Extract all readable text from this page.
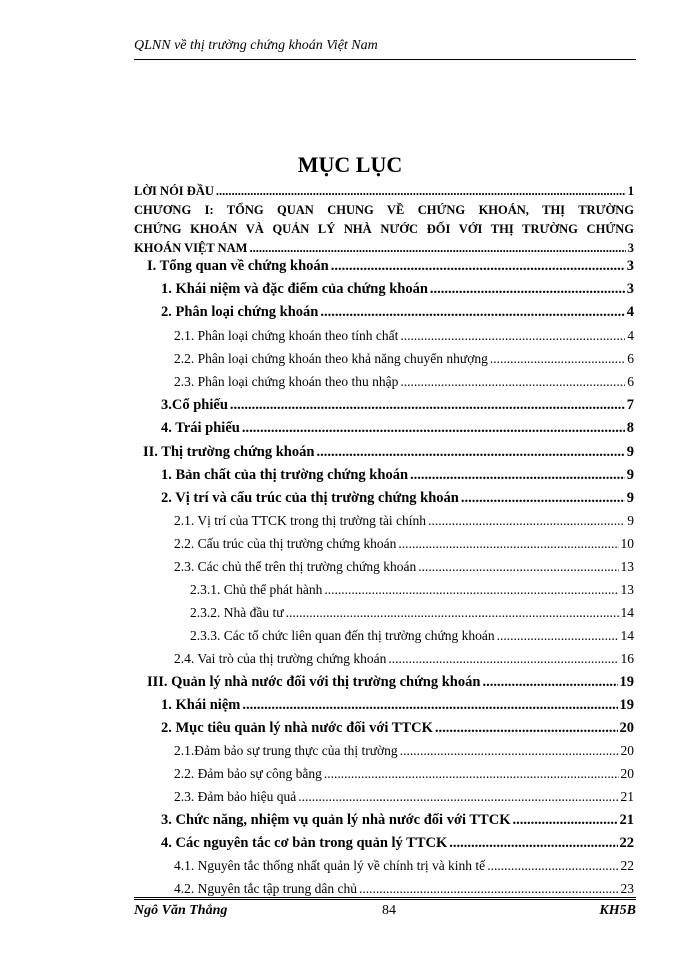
QLNN về thị trường chứng khoán Việt Nam
MỤC LỤC
LỜI NÓI ĐẦU .....	1
CHƯƠNG I: TỔNG QUAN CHUNG VỀ CHỨNG KHOÁN, THỊ TRƯỜNG
CHỨNG KHOÁN VÀ QUẢN LÝ NHÀ NƯỚC ĐỐI VỚI THỊ TRƯỜNG CHỨNG
KHOÁN VIỆT NAM .....	3
I. Tổng quan về chứng khoán .....	3
1. Khái niệm và đặc điểm của chứng khoán .....	3
2. Phân loại chứng khoán .....	4
2.1. Phân loại chứng khoán theo tính chất .....	4
2.2. Phân loại chứng khoán theo khả năng chuyển nhượng .....	6
2.3. Phân loại chứng khoán theo thu nhập .....	6
3.Cổ phiếu .....	7
4. Trái phiếu .....	8
II. Thị trường chứng khoán .....	9
1. Bản chất của thị trường chứng khoán .....	9
2. Vị trí và cấu trúc của thị trường chứng khoán .....	9
2.1. Vị trí của TTCK trong thị trường tài chính .....	9
2.2. Cấu trúc của thị trường chứng khoán .....	10
2.3. Các chủ thể trên thị trường chứng khoán .....	13
2.3.1. Chủ thể phát hành .....	13
2.3.2. Nhà đầu tư .....	14
2.3.3. Các tổ chức liên quan đến thị trường chứng khoán .....	14
2.4. Vai trò của thị trường chứng khoán .....	16
III. Quản lý nhà nước đối với thị trường chứng khoán .....	19
1. Khái niệm .....	19
2. Mục tiêu quản lý nhà nước đối với TTCK .....	20
2.1.Đảm bảo sự trung thực của thị trường .....	20
2.2. Đảm bảo sự công bằng .....	20
2.3. Đảm bảo hiệu quả .....	21
3. Chức năng, nhiệm vụ quản lý nhà nước đối với TTCK .....	21
4. Các nguyên tắc cơ bản trong quản lý TTCK .....	22
4.1. Nguyên tắc thống nhất quản lý về chính trị và kinh tế .....	22
4.2. Nguyên tắc tập trung dân chủ .....	23
Ngô Văn Thắng	84	KH5B
